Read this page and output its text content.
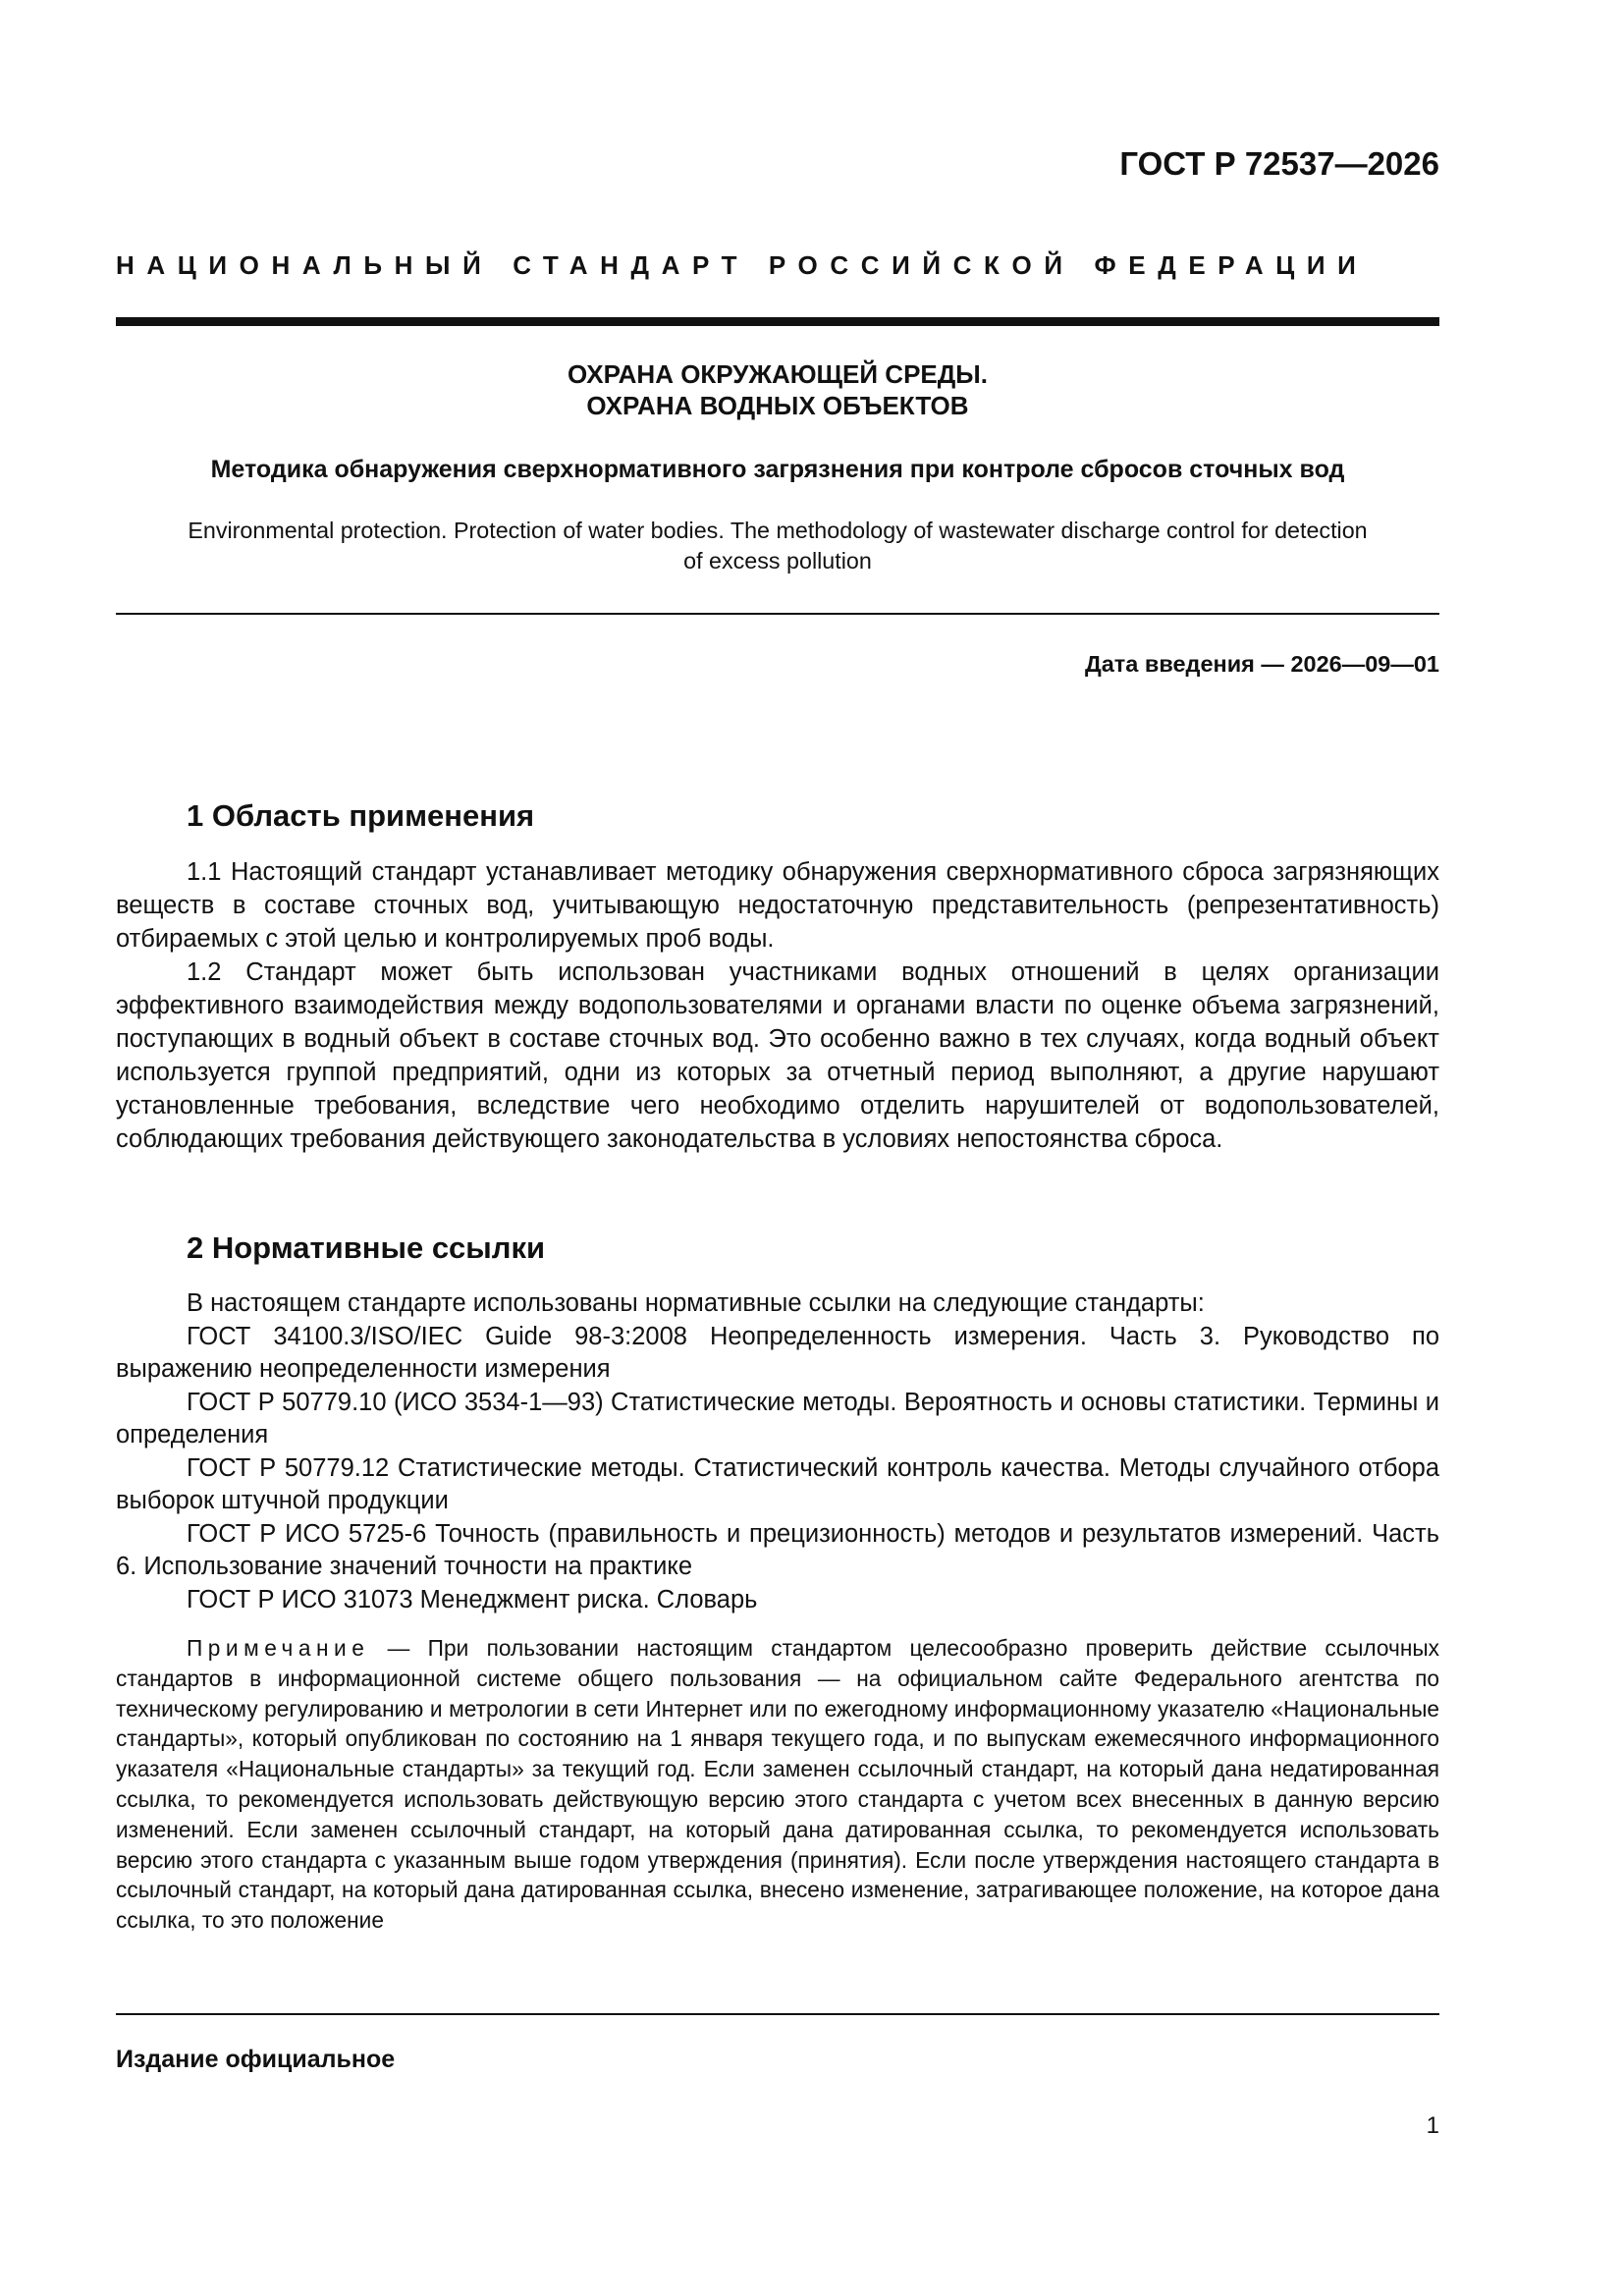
ГОСТ Р 72537—2026

НАЦИОНАЛЬНЫЙ СТАНДАРТ РОССИЙСКОЙ ФЕДЕРАЦИИ

ОХРАНА ОКРУЖАЮЩЕЙ СРЕДЫ.
ОХРАНА ВОДНЫХ ОБЪЕКТОВ

Методика обнаружения сверхнормативного загрязнения при контроле сбросов сточных вод

Environmental protection. Protection of water bodies. The methodology of wastewater discharge control for detection
of excess pollution

Дата введения — 2026—09—01

1 Область применения

1.1 Настоящий стандарт устанавливает методику обнаружения сверхнормативного сброса загрязняющих веществ в составе сточных вод, учитывающую недостаточную представительность (репрезентативность) отбираемых с этой целью и контролируемых проб воды.

1.2 Стандарт может быть использован участниками водных отношений в целях организации эффективного взаимодействия между водопользователями и органами власти по оценке объема загрязнений, поступающих в водный объект в составе сточных вод. Это особенно важно в тех случаях, когда водный объект используется группой предприятий, одни из которых за отчетный период выполняют, а другие нарушают установленные требования, вследствие чего необходимо отделить нарушителей от водопользователей, соблюдающих требования действующего законодательства в условиях непостоянства сброса.

2 Нормативные ссылки

В настоящем стандарте использованы нормативные ссылки на следующие стандарты:

ГОСТ 34100.3/ISO/IEC Guide 98-3:2008 Неопределенность измерения. Часть 3. Руководство по выражению неопределенности измерения

ГОСТ Р 50779.10 (ИСО 3534-1—93) Статистические методы. Вероятность и основы статистики. Термины и определения

ГОСТ Р 50779.12 Статистические методы. Статистический контроль качества. Методы случайного отбора выборок штучной продукции

ГОСТ Р ИСО 5725-6 Точность (правильность и прецизионность) методов и результатов измерений. Часть 6. Использование значений точности на практике

ГОСТ Р ИСО 31073 Менеджмент риска. Словарь

Примечание — При пользовании настоящим стандартом целесообразно проверить действие ссылочных стандартов в информационной системе общего пользования — на официальном сайте Федерального агентства по техническому регулированию и метрологии в сети Интернет или по ежегодному информационному указателю «Национальные стандарты», который опубликован по состоянию на 1 января текущего года, и по выпускам ежемесячного информационного указателя «Национальные стандарты» за текущий год. Если заменен ссылочный стандарт, на который дана недатированная ссылка, то рекомендуется использовать действующую версию этого стандарта с учетом всех внесенных в данную версию изменений. Если заменен ссылочный стандарт, на который дана датированная ссылка, то рекомендуется использовать версию этого стандарта с указанным выше годом утверждения (принятия). Если после утверждения настоящего стандарта в ссылочный стандарт, на который дана датированная ссылка, внесено изменение, затрагивающее положение, на которое дана ссылка, то это положение

Издание официальное

1
